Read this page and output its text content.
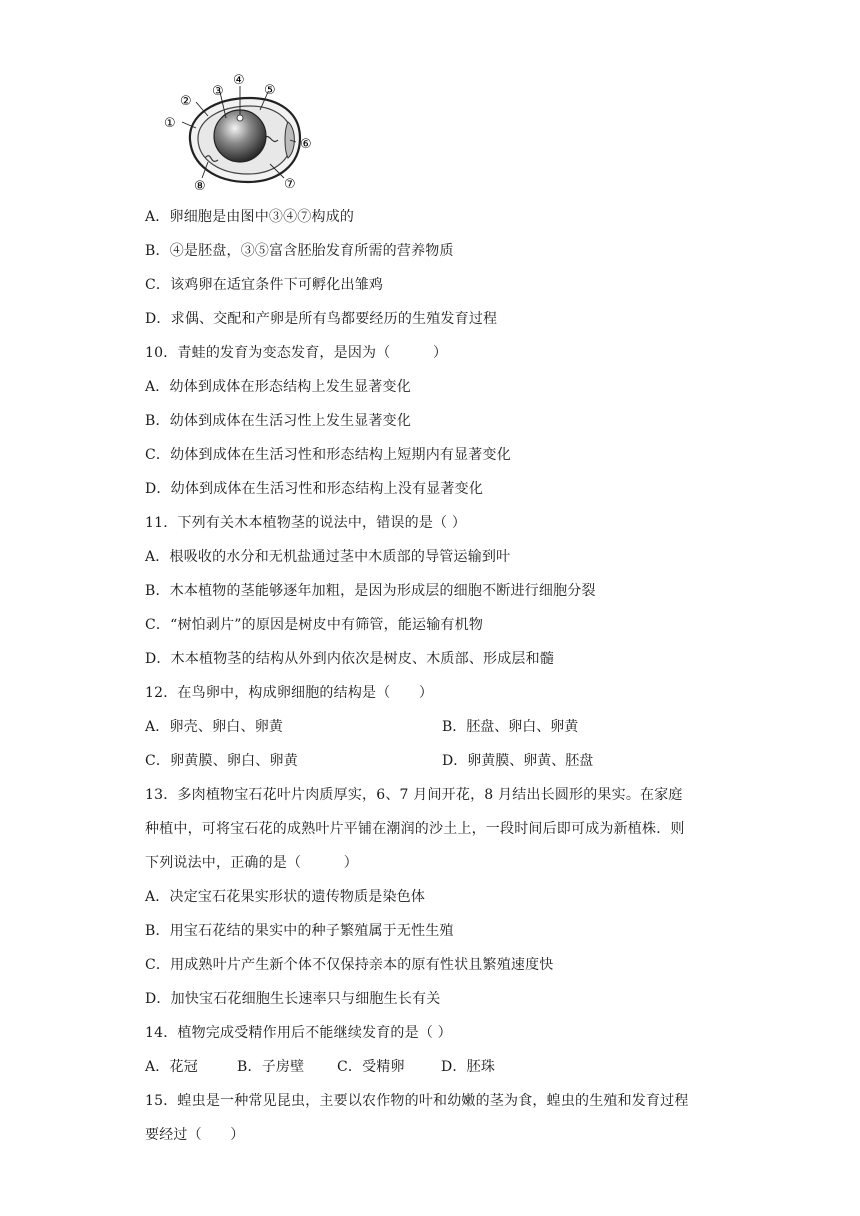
①
②
③
④
⑤
⑥
⑦
⑧
A．卵细胞是由图中③④⑦构成的
B．④是胚盘，③⑤富含胚胎发育所需的营养物质
C．该鸡卵在适宜条件下可孵化出雏鸡
D．求偶、交配和产卵是所有鸟都要经历的生殖发育过程
10．青蛙的发育为变态发育，是因为（　　　）
A．幼体到成体在形态结构上发生显著变化
B．幼体到成体在生活习性上发生显著变化
C．幼体到成体在生活习性和形态结构上短期内有显著变化
D．幼体到成体在生活习性和形态结构上没有显著变化
11．下列有关木本植物茎的说法中，错误的是（ ）
A．根吸收的水分和无机盐通过茎中木质部的导管运输到叶
B．木本植物的茎能够逐年加粗，是因为形成层的细胞不断进行细胞分裂
C．“树怕剥片”的原因是树皮中有筛管，能运输有机物
D．木本植物茎的结构从外到内依次是树皮、木质部、形成层和髓
12．在鸟卵中，构成卵细胞的结构是（　　）
A．卵壳、卵白、卵黄	B．胚盘、卵白、卵黄
C．卵黄膜、卵白、卵黄	D．卵黄膜、卵黄、胚盘
13．多肉植物宝石花叶片肉质厚实，6、7 月间开花，8 月结出长圆形的果实。在家庭
种植中，可将宝石花的成熟叶片平铺在潮润的沙土上，一段时间后即可成为新植株．则
下列说法中，正确的是（　　　）
A．决定宝石花果实形状的遗传物质是染色体
B．用宝石花结的果实中的种子繁殖属于无性生殖
C．用成熟叶片产生新个体不仅保持亲本的原有性状且繁殖速度快
D．加快宝石花细胞生长速率只与细胞生长有关
14．植物完成受精作用后不能继续发育的是（ ）
A．花冠	B．子房壁 C．受精卵	D．胚珠
15．蝗虫是一种常见昆虫，主要以农作物的叶和幼嫩的茎为食，蝗虫的生殖和发育过程
要经过（　　）
